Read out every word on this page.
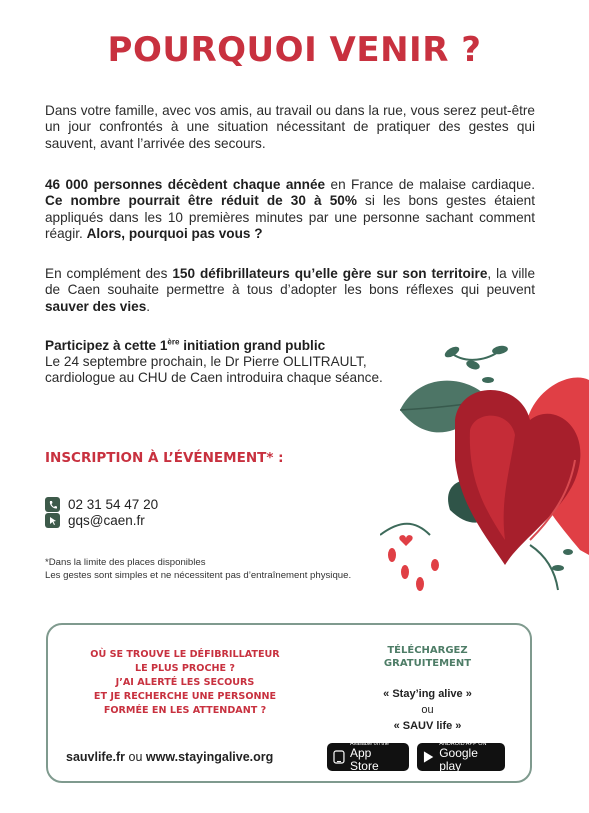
POURQUOI VENIR ?

Dans votre famille, avec vos amis, au travail ou dans la rue, vous serez peut-être un jour confrontés à une situation nécessitant de pratiquer des gestes qui sauvent, avant l’arrivée des secours.

46 000 personnes décèdent chaque année en France de malaise cardiaque. Ce nombre pourrait être réduit de 30 à 50% si les bons gestes étaient appliqués dans les 10 premières minutes par une personne sachant comment réagir. Alors, pourquoi pas vous ?

En complément des 150 défibrillateurs qu’elle gère sur son territoire, la ville de Caen souhaite permettre à tous d’adopter les bons réflexes qui peuvent sauver des vies.

Participez à cette 1ère initiation grand public
Le 24 septembre prochain, le Dr Pierre OLLITRAULT,
cardiologue au CHU de Caen introduira chaque séance.

INSCRIPTION À L’ÉVÉNEMENT* :
02 31 54 47 20
gqs@caen.fr
*Dans la limite des places disponibles
Les gestes sont simples et ne nécessitent pas d’entraînement physique.
OÙ SE TROUVE LE DÉFIBRILLATEUR
LE PLUS PROCHE ?
J’AI ALERTÉ LES SECOURS
ET JE RECHERCHE UNE PERSONNE
FORMÉE EN LES ATTENDANT ?
TÉLÉCHARGEZ
GRATUITEMENT
« Stay’ing alive »
ou
« SAUV life »
sauvlife.fr ou www.stayingalive.org
Available on the
App Store
ANDROID APP ON
Google play
